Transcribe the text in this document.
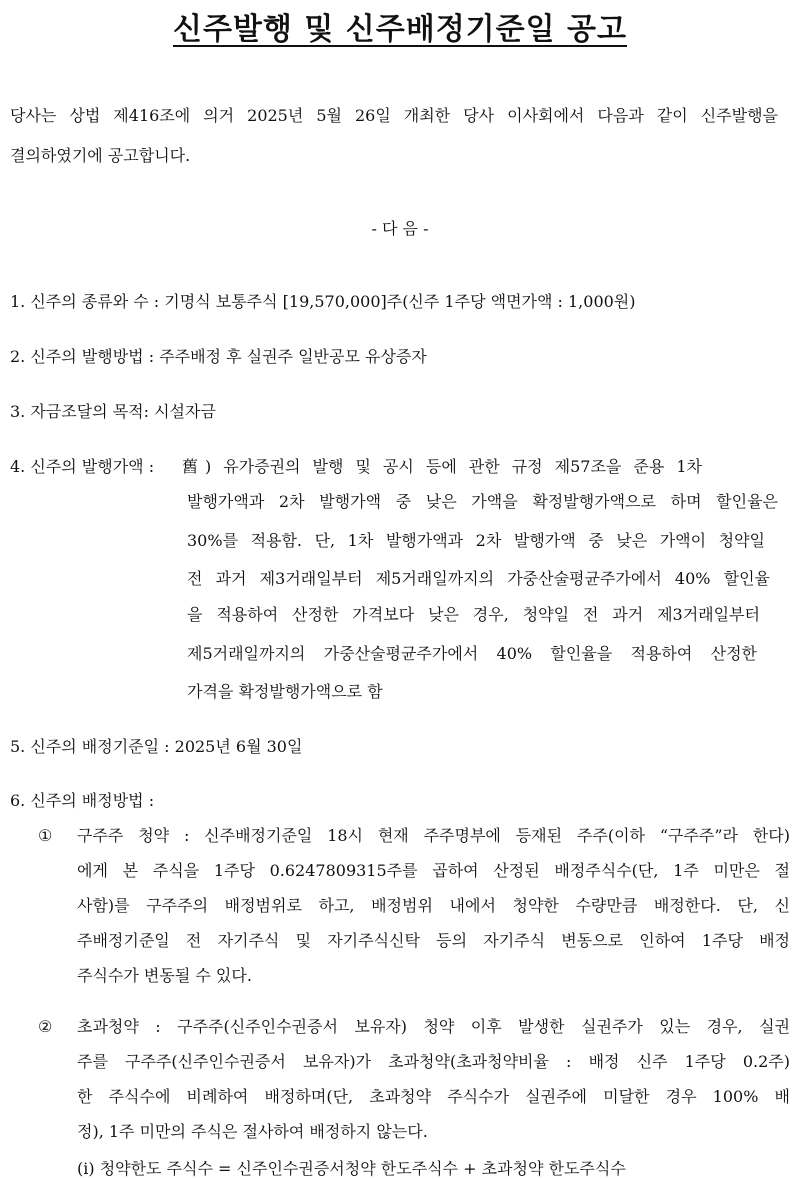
신주발행 및 신주배정기준일 공고
당사는 상법 제416조에 의거 2025년 5월 26일 개최한 당사 이사회에서 다음과 같이 신주발행을
결의하였기에 공고합니다.
- 다 음 -
1. 신주의 종류와 수 : 기명식 보통주식 [19,570,000]주(신주 1주당 액면가액 : 1,000원)
2. 신주의 발행방법 : 주주배정 후 실권주 일반공모 유상증자
3. 자금조달의 목적: 시설자금
4. 신주의 발행가액 : 舊) 유가증권의 발행 및 공시 등에 관한 규정 제57조을 준용 1차
발행가액과 2차 발행가액 중 낮은 가액을 확정발행가액으로 하며 할인율은
30%를 적용함. 단, 1차 발행가액과 2차 발행가액 중 낮은 가액이 청약일
전 과거 제3거래일부터 제5거래일까지의 가중산술평균주가에서 40% 할인율
을 적용하여 산정한 가격보다 낮은 경우, 청약일 전 과거 제3거래일부터
제5거래일까지의 가중산술평균주가에서 40% 할인율을 적용하여 산정한
가격을 확정발행가액으로 함
5. 신주의 배정기준일 : 2025년 6월 30일
6. 신주의 배정방법 :
① 구주주 청약 : 신주배정기준일 18시 현재 주주명부에 등재된 주주(이하 “구주주”라 한다)
에게 본 주식을 1주당 0.6247809315주를 곱하여 산정된 배정주식수(단, 1주 미만은 절
사함)를 구주주의 배정범위로 하고, 배정범위 내에서 청약한 수량만큼 배정한다. 단, 신
주배정기준일 전 자기주식 및 자기주식신탁 등의 자기주식 변동으로 인하여 1주당 배정
주식수가 변동될 수 있다.
② 초과청약 : 구주주(신주인수권증서 보유자) 청약 이후 발생한 실권주가 있는 경우, 실권
주를 구주주(신주인수권증서 보유자)가 초과청약(초과청약비율 : 배정 신주 1주당 0.2주)
한 주식수에 비례하여 배정하며(단, 초과청약 주식수가 실권주에 미달한 경우 100% 배
정), 1주 미만의 주식은 절사하여 배정하지 않는다.
(i) 청약한도 주식수 = 신주인수권증서청약 한도주식수 + 초과청약 한도주식수
